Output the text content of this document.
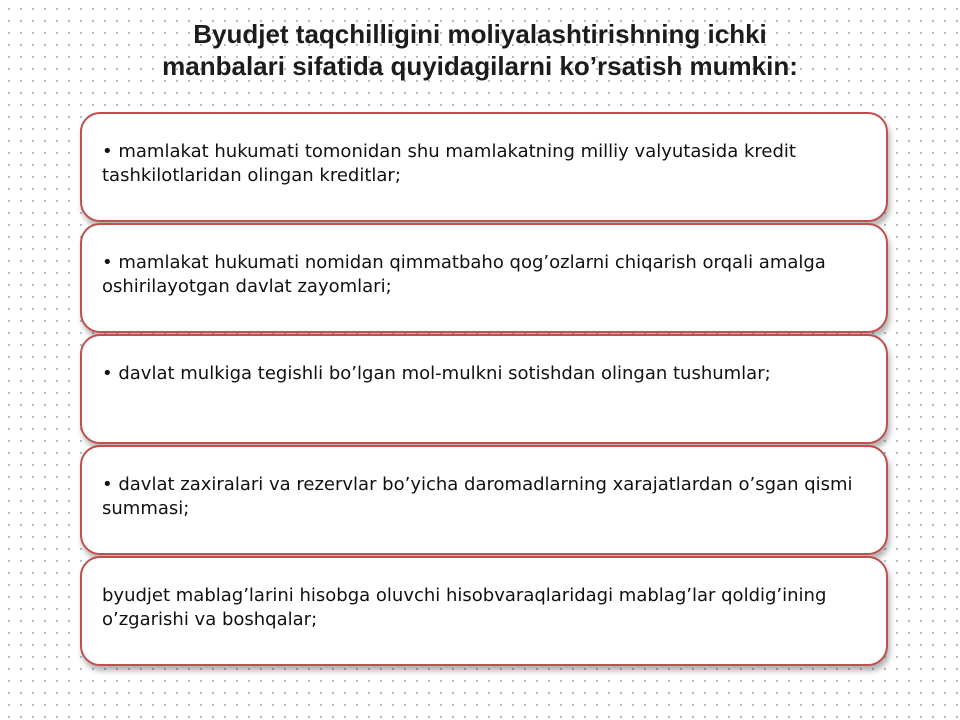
Byudjet taqchilligini moliyalashtirishning ichki
manbalari sifatida quyidagilarni ko’rsatish mumkin:
• mamlakat hukumati tomonidan shu mamlakatning milliy valyutasida kredit tashkilotlaridan olingan kreditlar;
• mamlakat hukumati nomidan qimmatbaho qog’ozlarni chiqarish orqali amalga oshirilayotgan davlat zayomlari;
• davlat mulkiga tegishli bo’lgan mol-mulkni sotishdan olingan tushumlar;
• davlat zaxiralari va rezervlar bo’yicha daromadlarning xarajatlardan o’sgan qismi summasi;
byudjet mablag’larini hisobga oluvchi hisobvaraqlaridagi mablag’lar qoldig’ining o’zgarishi va boshqalar;
